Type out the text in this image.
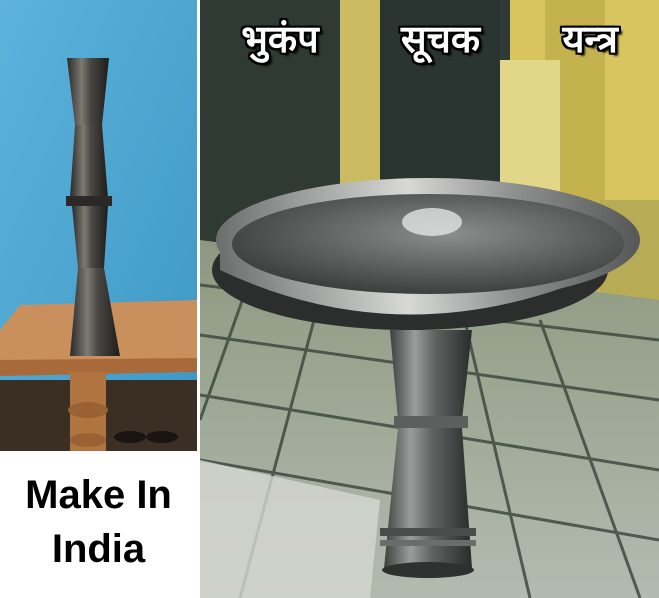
Make In
India
भुकंप सूचक यन्त्र
